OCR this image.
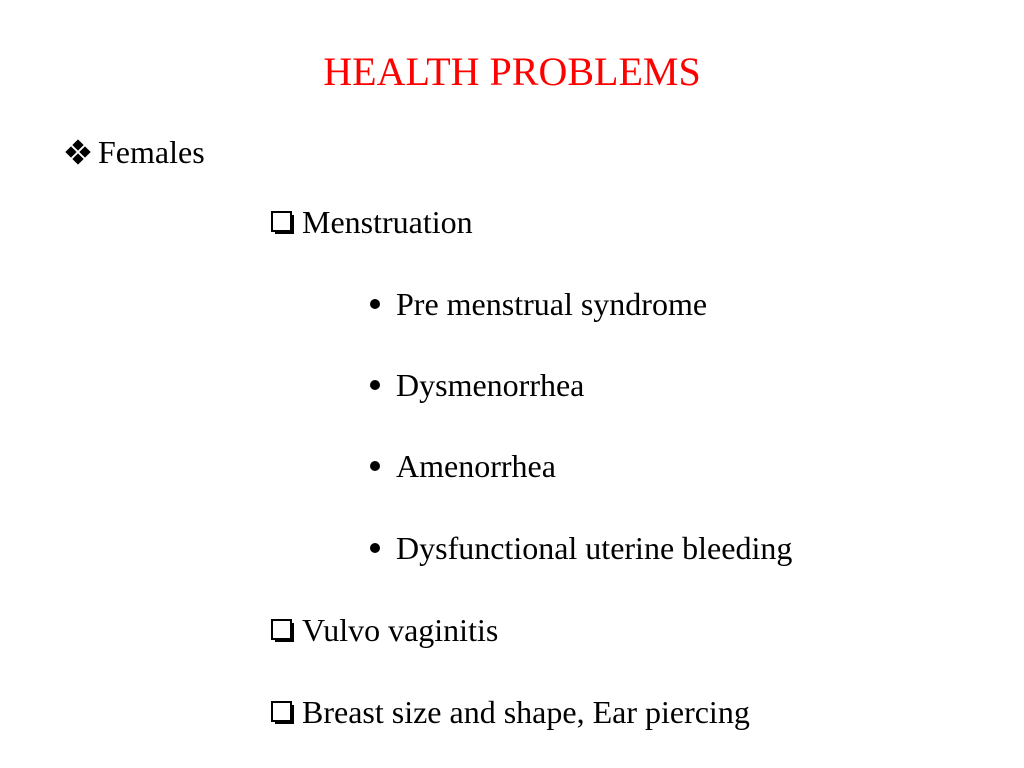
HEALTH PROBLEMS
Females
Menstruation
Pre menstrual syndrome
Dysmenorrhea
Amenorrhea
Dysfunctional uterine bleeding
Vulvo vaginitis
Breast size and shape, Ear piercing
